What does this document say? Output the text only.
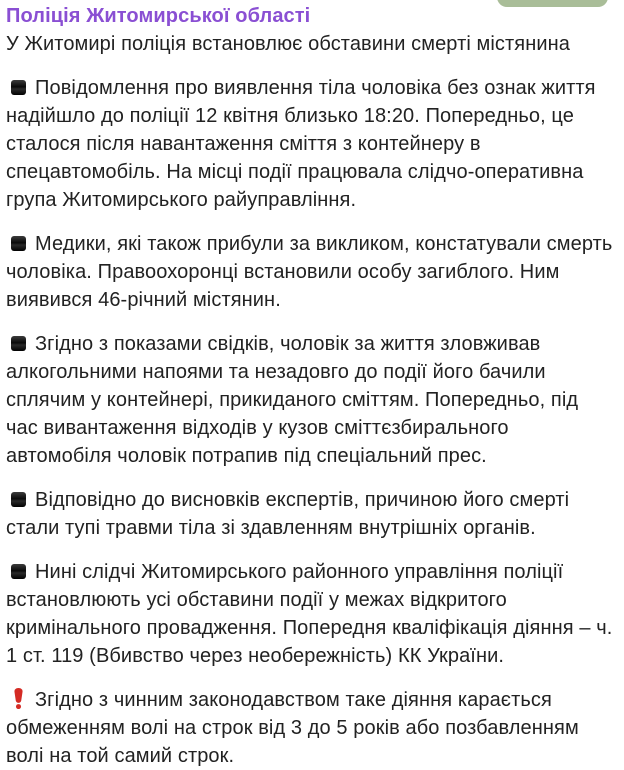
Поліція Житомирської області

У Житомирі поліція встановлює обставини смерті містянина

Повідомлення про виявлення тіла чоловіка без ознак життя надійшло до поліції 12 квітня близько 18:20. Попередньо, це сталося після навантаження сміття з контейнеру в спецавтомобіль. На місці події працювала слідчо-оперативна група Житомирського райуправління.

Медики, які також прибули за викликом, констатували смерть чоловіка. Правоохоронці встановили особу загиблого. Ним виявився 46-річний містянин.

Згідно з показами свідків, чоловік за життя зловживав алкогольними напоями та незадовго до події його бачили сплячим у контейнері, прикиданого сміттям. Попередньо, під час вивантаження відходів у кузов сміттєзбирального автомобіля чоловік потрапив під спеціальний прес.

Відповідно до висновків експертів, причиною його смерті стали тупі травми тіла зі здавленням внутрішніх органів.

Нині слідчі Житомирського районного управління поліції встановлюють усі обставини події у межах відкритого кримінального провадження. Попередня кваліфікація діяння – ч. 1 ст. 119 (Вбивство через необережність) КК України.

Згідно з чинним законодавством таке діяння карається обмеженням волі на строк від 3 до 5 років або позбавленням волі на той самий строк.
